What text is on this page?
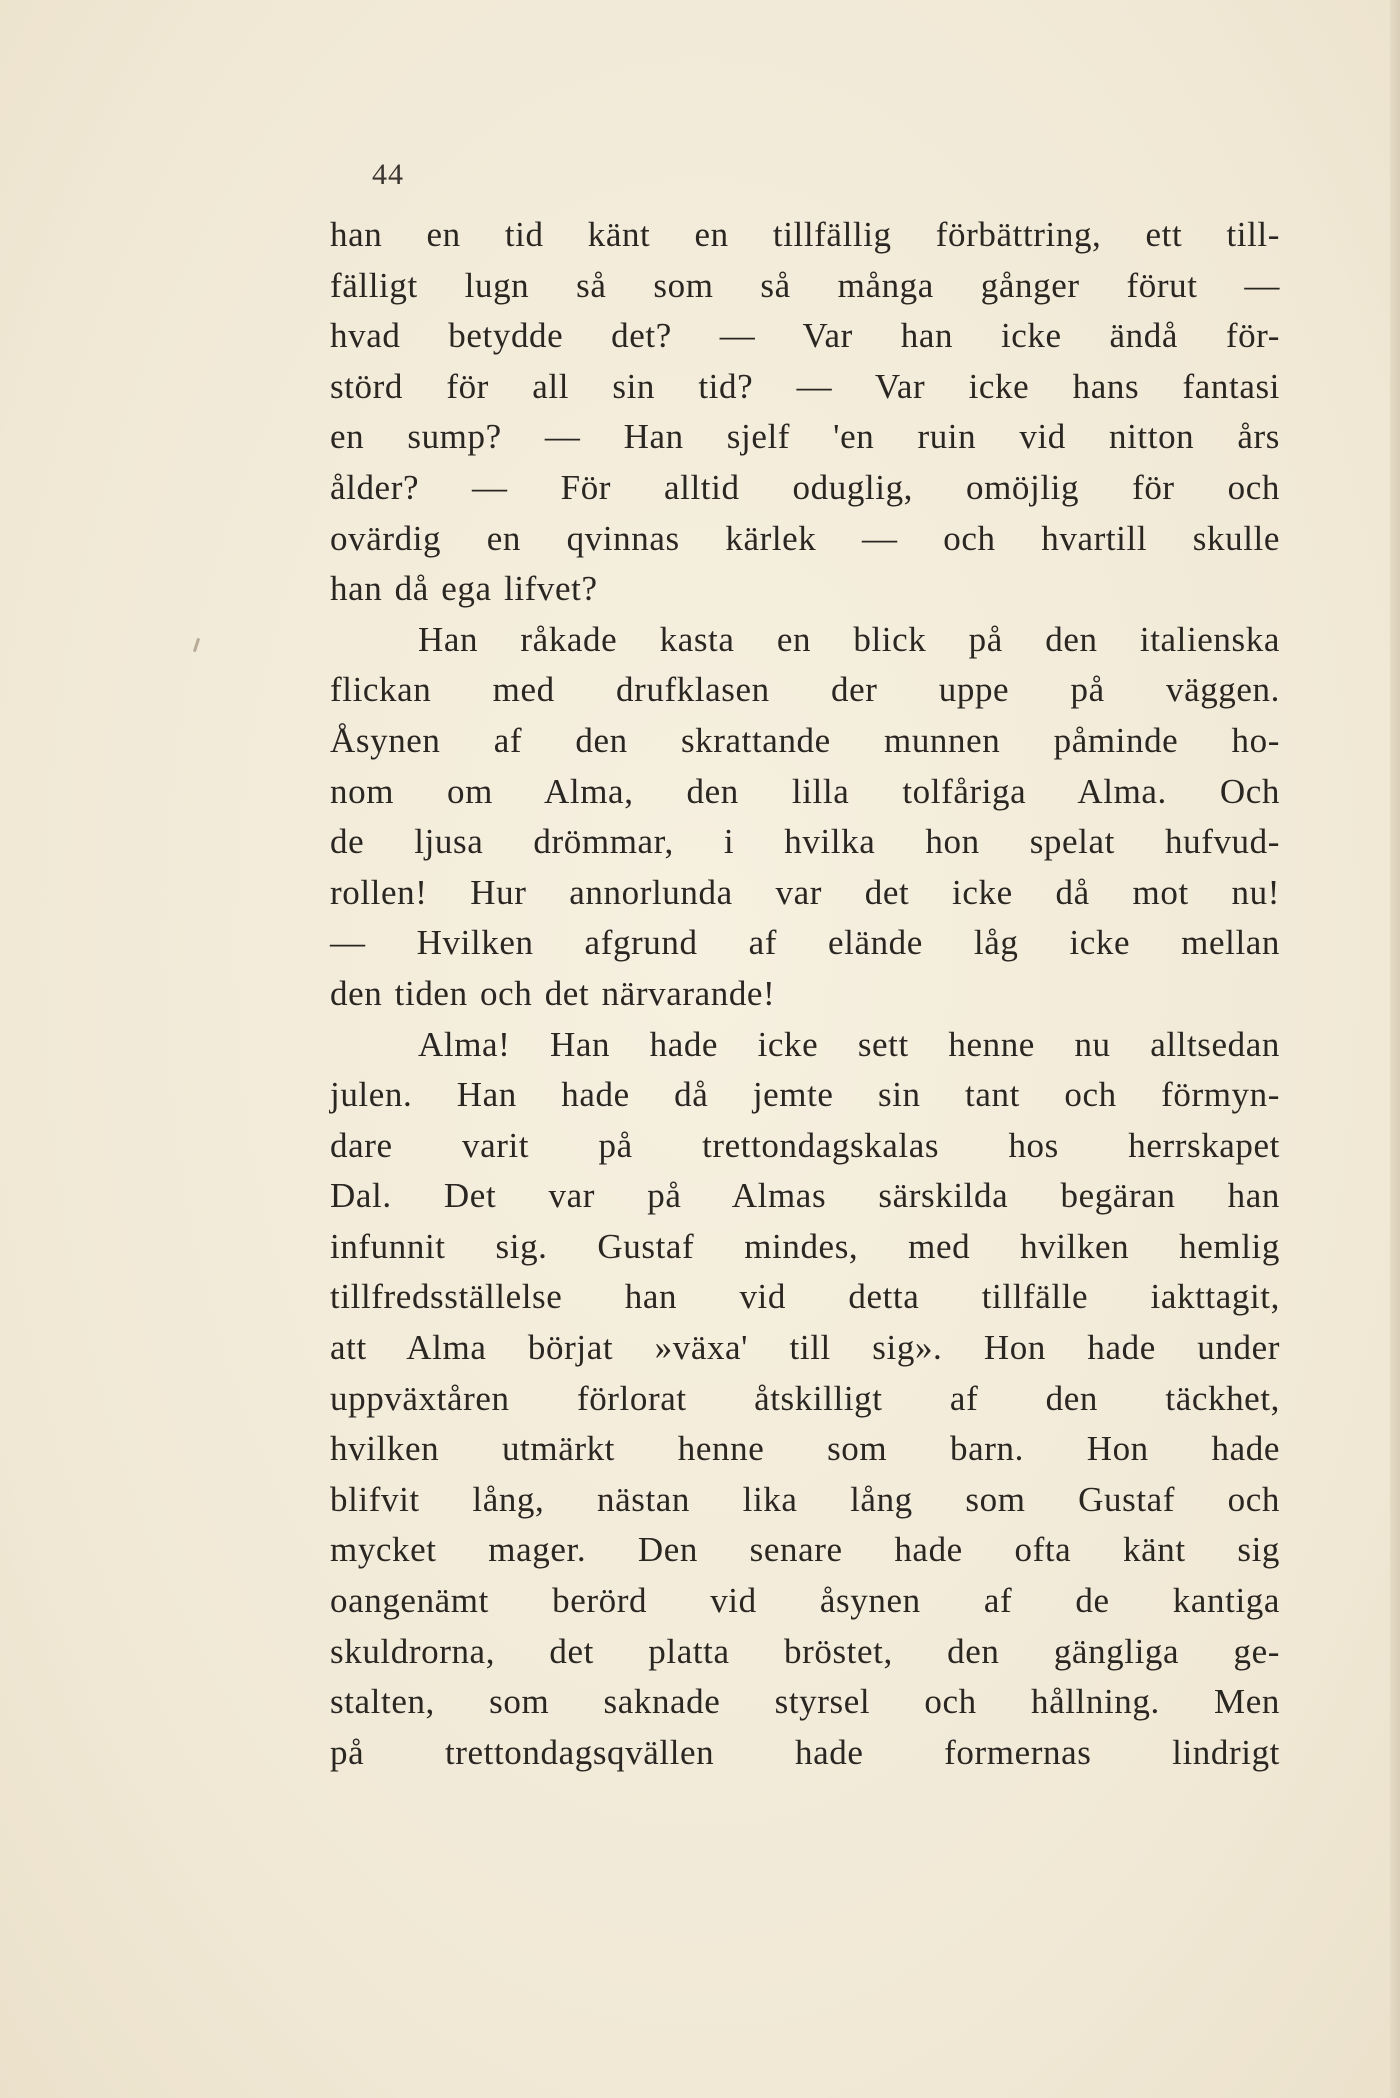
44
han en tid känt en tillfällig förbättring, ett till-
fälligt lugn så som så många gånger förut —
hvad betydde det? — Var han icke ändå för-
störd för all sin tid? — Var icke hans fantasi
en sump? — Han sjelf 'en ruin vid nitton års
ålder? — För alltid oduglig, omöjlig för och
ovärdig en qvinnas kärlek — och hvartill skulle
han då ega lifvet?
Han råkade kasta en blick på den italienska
flickan med drufklasen der uppe på väggen.
Åsynen af den skrattande munnen påminde ho-
nom om Alma, den lilla tolfåriga Alma. Och
de ljusa drömmar, i hvilka hon spelat hufvud-
rollen! Hur annorlunda var det icke då mot nu!
— Hvilken afgrund af elände låg icke mellan
den tiden och det närvarande!
Alma! Han hade icke sett henne nu alltsedan
julen. Han hade då jemte sin tant och förmyn-
dare varit på trettondagskalas hos herrskapet
Dal. Det var på Almas särskilda begäran han
infunnit sig. Gustaf mindes, med hvilken hemlig
tillfredsställelse han vid detta tillfälle iakttagit,
att Alma börjat »växa' till sig». Hon hade under
uppväxtåren förlorat åtskilligt af den täckhet,
hvilken utmärkt henne som barn. Hon hade
blifvit lång, nästan lika lång som Gustaf och
mycket mager. Den senare hade ofta känt sig
oangenämt berörd vid åsynen af de kantiga
skuldrorna, det platta bröstet, den gängliga ge-
stalten, som saknade styrsel och hållning. Men
på trettondagsqvällen hade formernas lindrigt
